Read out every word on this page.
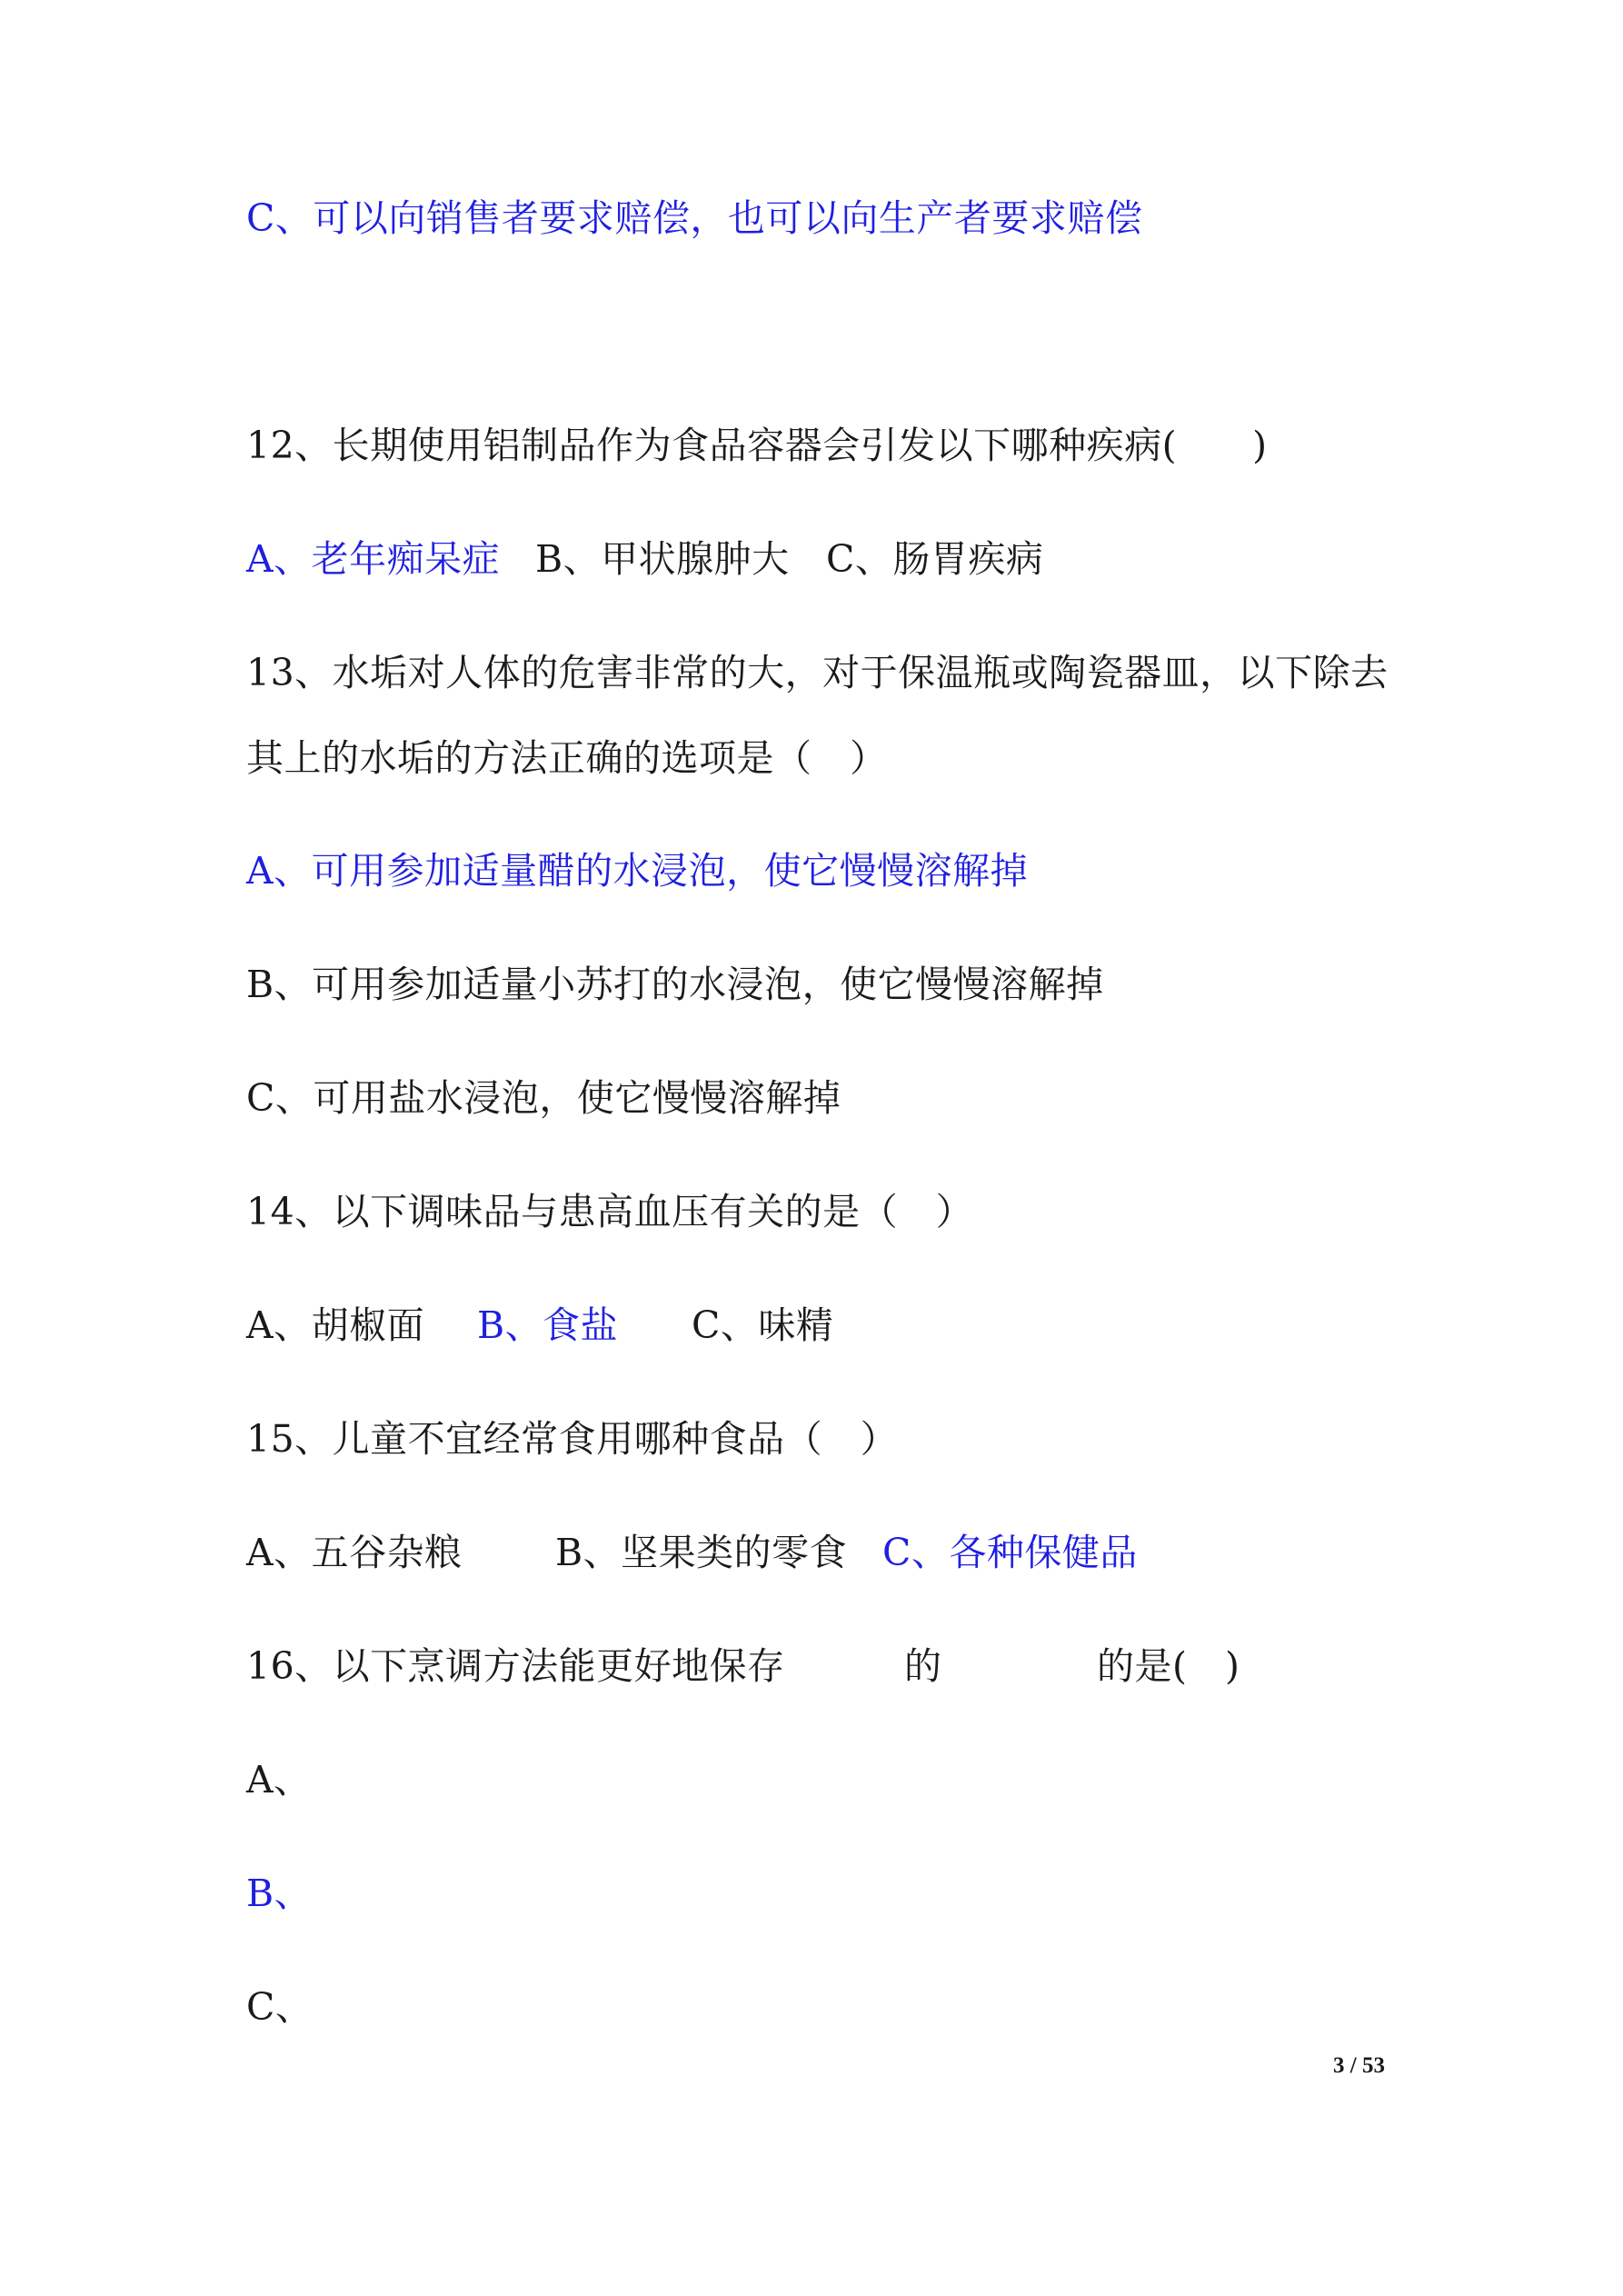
C、可以向销售者要求赔偿，也可以向生产者要求赔偿
12、长期使用铝制品作为食品容器会引发以下哪种疾病(　　)

A、老年痴呆症

B、甲状腺肿大

C、肠胃疾病

13、水垢对人体的危害非常的大，对于保温瓶或陶瓷器皿，以下除去
其上的水垢的方法正确的选项是（　）
A、可用参加适量醋的水浸泡，使它慢慢溶解掉
B、可用参加适量小苏打的水浸泡，使它慢慢溶解掉
C、可用盐水浸泡，使它慢慢溶解掉
14、以下调味品与患高血压有关的是（　）

A、胡椒面

B、食盐

C、味精

15、儿童不宜经常食用哪种食品（　）

A、五谷杂粮

B、坚果类的零食

C、各种保健品

16、以下烹调方法能更好地保存

	的

	的是(　)

A、
B、
C、
3 / 53
